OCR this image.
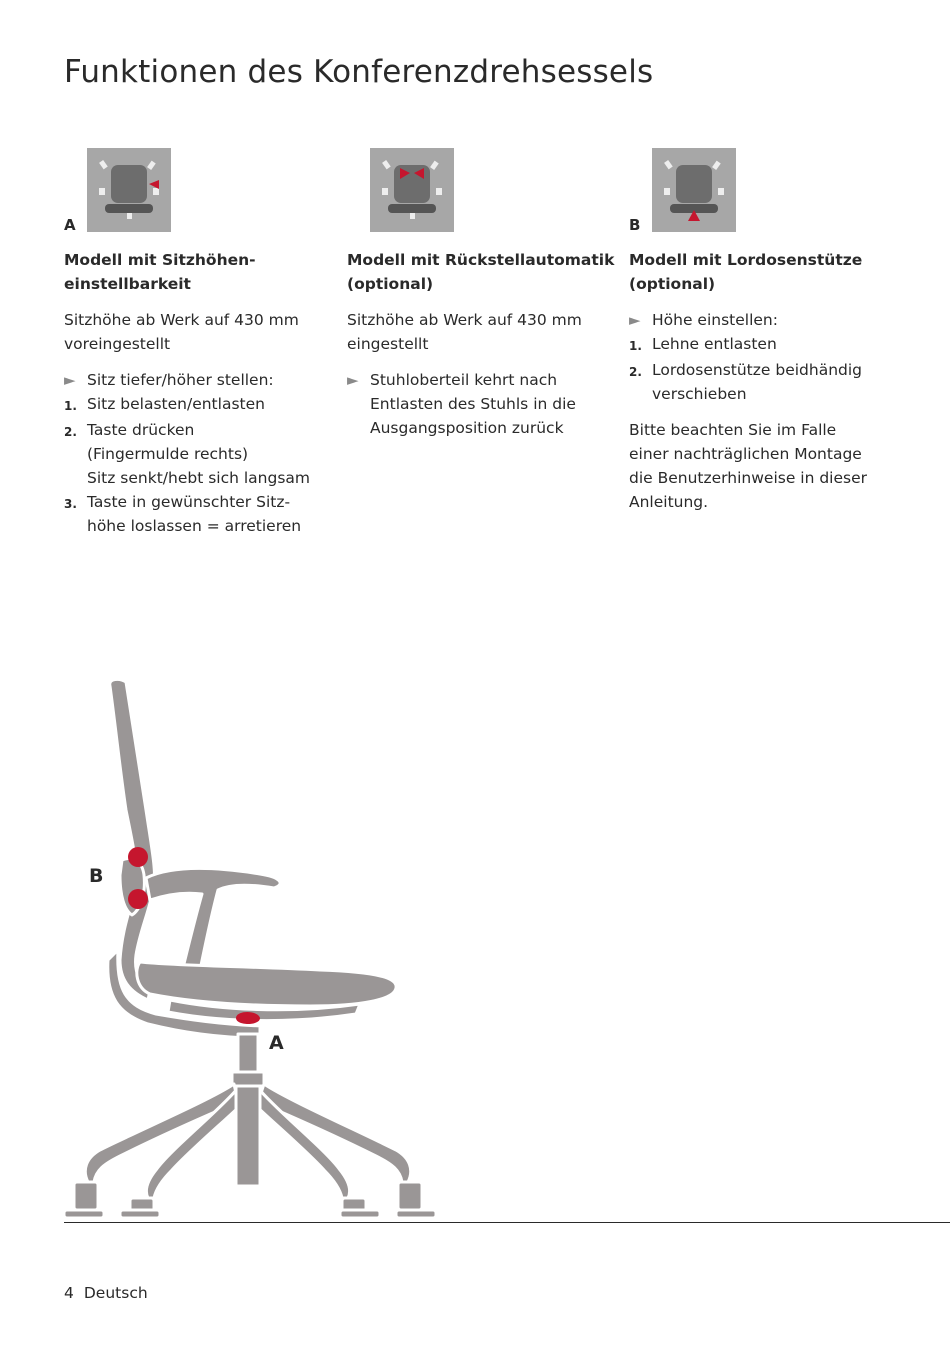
Funktionen des Konferenzdrehsessels
A
Modell mit Sitzhöhen-
einstellbarkeit
Sitzhöhe ab Werk auf 430 mm
voreingestellt
► Sitz tiefer/höher stellen:
1. Sitz belasten/entlasten
2. Taste drücken
(Fingermulde rechts)
Sitz senkt/hebt sich langsam
3. Taste in gewünschter Sitz-
höhe loslassen = arretieren
Modell mit Rückstellautomatik
(optional)
Sitzhöhe ab Werk auf 430 mm
eingestellt
► Stuhloberteil kehrt nach
Entlasten des Stuhls in die
Ausgangsposition zurück
B
Modell mit Lordosenstütze
(optional)
► Höhe einstellen:
1. Lehne entlasten
2. Lordosenstütze beidhändig
verschieben
Bitte beachten Sie im Falle
einer nachträglichen Montage
die Benutzerhinweise in dieser
Anleitung.
B
A
4 Deutsch
